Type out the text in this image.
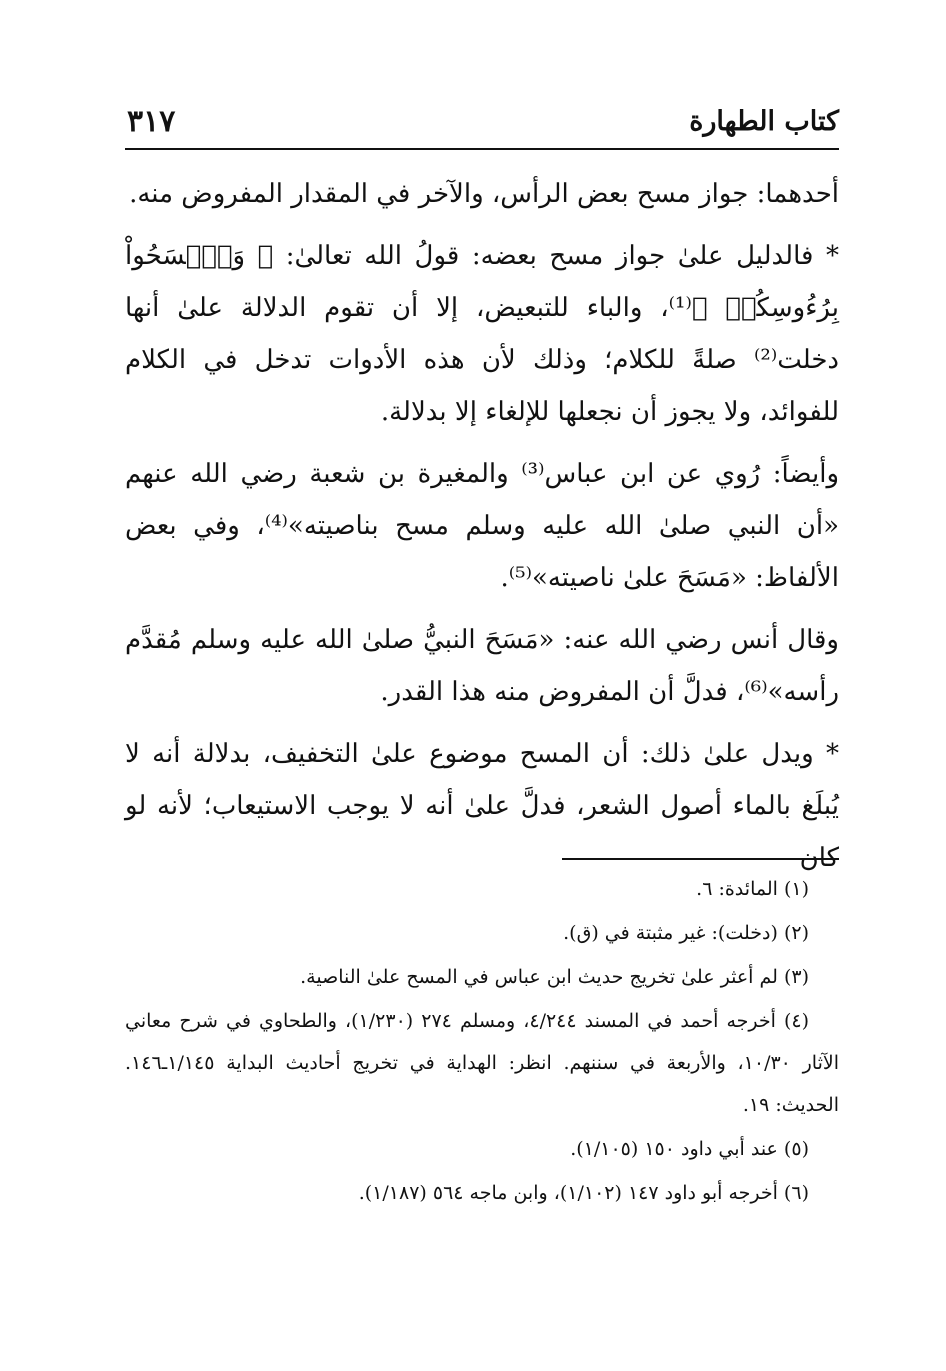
كتاب الطهارة
٣١٧

أحدهما: جواز مسح بعض الرأس، والآخر في المقدار المفروض منه.

* فالدليل علىٰ جواز مسح بعضه: قولُ الله تعالىٰ: ﴿ وَٱمۡسَحُواْ بِرُءُوسِكُمۡ ﴾⁽¹⁾، والباء للتبعيض، إلا أن تقوم الدلالة علىٰ أنها دخلت⁽²⁾ صلةً للكلام؛ وذلك لأن هذه الأدوات تدخل في الكلام للفوائد، ولا يجوز أن نجعلها للإلغاء إلا بدلالة.

وأيضاً: رُوي عن ابن عباس⁽³⁾ والمغيرة بن شعبة رضي الله عنهم «أن النبي صلىٰ الله عليه وسلم مسح بناصيته»⁽⁴⁾، وفي بعض الألفاظ: «مَسَحَ علىٰ ناصيته»⁽⁵⁾.

وقال أنس رضي الله عنه: «مَسَحَ النبيُّ صلىٰ الله عليه وسلم مُقدَّم رأسه»⁽⁶⁾، فدلَّ أن المفروض منه هذا القدر.

* ويدل علىٰ ذلك: أن المسح موضوع علىٰ التخفيف، بدلالة أنه لا يُبلَغ بالماء أصول الشعر، فدلَّ علىٰ أنه لا يوجب الاستيعاب؛ لأنه لو كان

(١) المائدة: ٦.

(٢) (دخلت): غير مثبتة في (ق).

(٣) لم أعثر علىٰ تخريج حديث ابن عباس في المسح علىٰ الناصية.

(٤) أخرجه أحمد في المسند ٤/٢٤٤، ومسلم ٢٧٤ (١/٢٣٠)، والطحاوي في شرح معاني الآثار ١٠/٣٠، والأربعة في سننهم. انظر: الهداية في تخريج أحاديث البداية ١/١٤٥ـ١٤٦. الحديث: ١٩.

(٥) عند أبي داود ١٥٠ (١/١٠٥).

(٦) أخرجه أبو داود ١٤٧ (١/١٠٢)، وابن ماجه ٥٦٤ (١/١٨٧).
